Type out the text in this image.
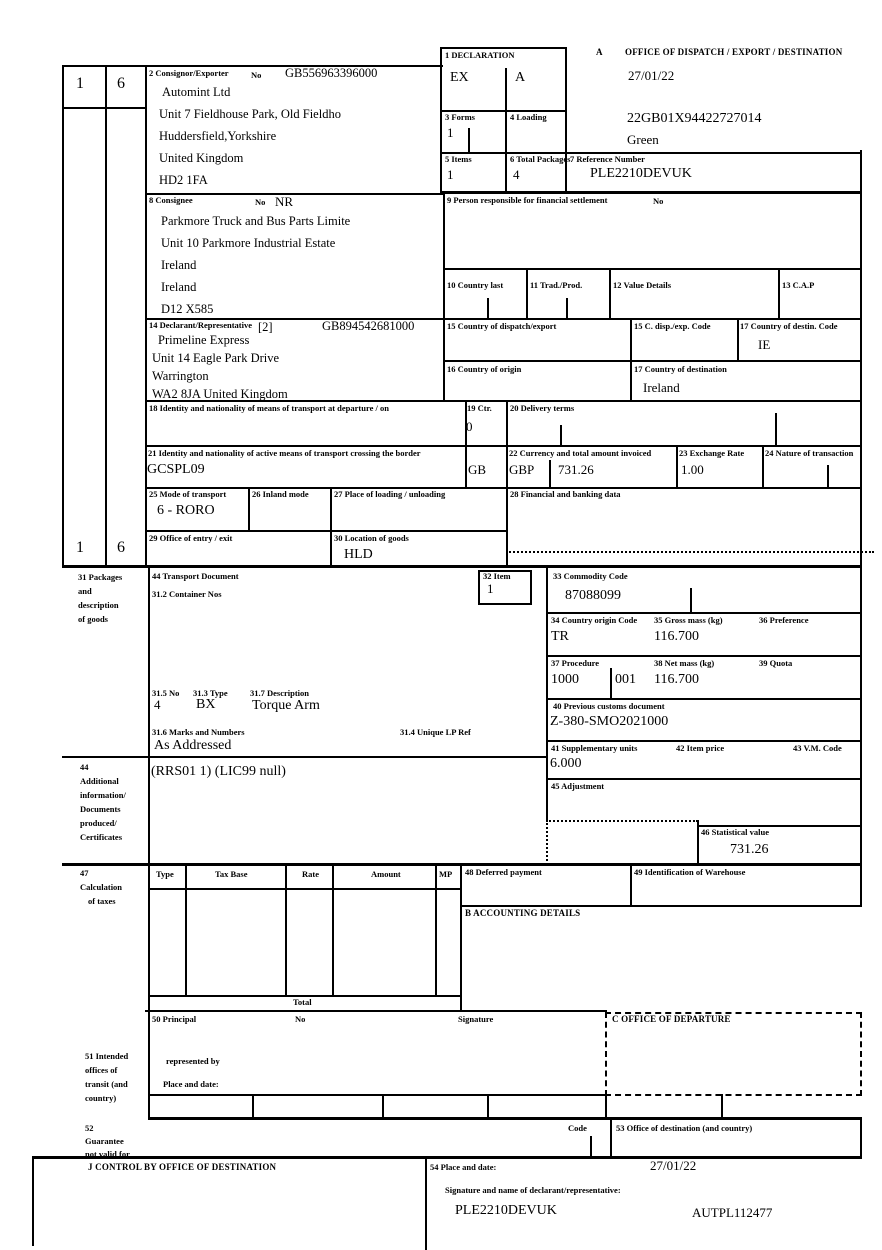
1 6
1 6
1 DECLARATION
EX	A
A OFFICE OF DISPATCH / EXPORT / DESTINATION
27/01/22
22GB01X94422727014
Green
2 Consignor/Exporter	No GB556963396000
Automint Ltd
Unit 7 Fieldhouse Park, Old Fieldho
Huddersfield,Yorkshire
United Kingdom
HD2 1FA
3 Forms
1
4 Loading
5 Items
1
6 Total Packages
4
7 Reference Number
PLE2210DEVUK
8 Consignee	No NR
Parkmore Truck and Bus Parts Limite
Unit 10 Parkmore Industrial Estate
Ireland
Ireland
D12 X585
9 Person responsible for financial settlement	No
10 Country last	11 Trad./Prod.	12 Value Details	13 C.A.P
14 Declarant/Representative [2]	GB894542681000
Primeline Express
Unit 14 Eagle Park Drive
Warrington
WA2 8JA United Kingdom
15 Country of dispatch/export	15 C. disp./exp. Code	17 Country of destin. Code
IE
16 Country of origin	17 Country of destination
Ireland
18 Identity and nationality of means of transport at departure / on	19 Ctr.
0
20 Delivery terms
21 Identity and nationality of active means of transport crossing the border
GCSPL09	GB
22 Currency and total amount invoiced
GBP 731.26
23 Exchange Rate
1.00
24 Nature of transaction
25 Mode of transport
6 - RORO
26 Inland mode	27 Place of loading / unloading	28 Financial and banking data
29 Office of entry / exit	30 Location of goods
HLD
31 Packages
and
description
of goods
44 Transport Document
31.2 Container Nos
32 Item
1
31.5 No
4
31.3 Type
BX
31.7 Description
Torque Arm
31.6 Marks and Numbers
As Addressed
31.4 Unique LP Ref
33 Commodity Code
87088099
34 Country origin Code
TR
35 Gross mass (kg)
116.700
36 Preference
37 Procedure
1000	001
38 Net mass (kg)
116.700
39 Quota
40 Previous customs document
Z-380-SMO2021000
41 Supplementary units
6.000
42 Item price	43 V.M. Code
45 Adjustment
46 Statistical value
731.26
44
Additional
information/
Documents
produced/
Certificates
(RRS01 1) (LIC99 null)
47
Calculation
of taxes
Type	Tax Base	Rate	Amount	MP
Total
48 Deferred payment	49 Identification of Warehouse
B ACCOUNTING DETAILS
50 Principal	No	Signature	C OFFICE OF DEPARTURE
represented by
Place and date:
51 Intended
offices of
transit (and
country)
52
Guarantee
not valid for
Code	53 Office of destination (and country)
J CONTROL BY OFFICE OF DESTINATION	54 Place and date:	27/01/22
Signature and name of declarant/representative:
PLE2210DEVUK	AUTPL112477
